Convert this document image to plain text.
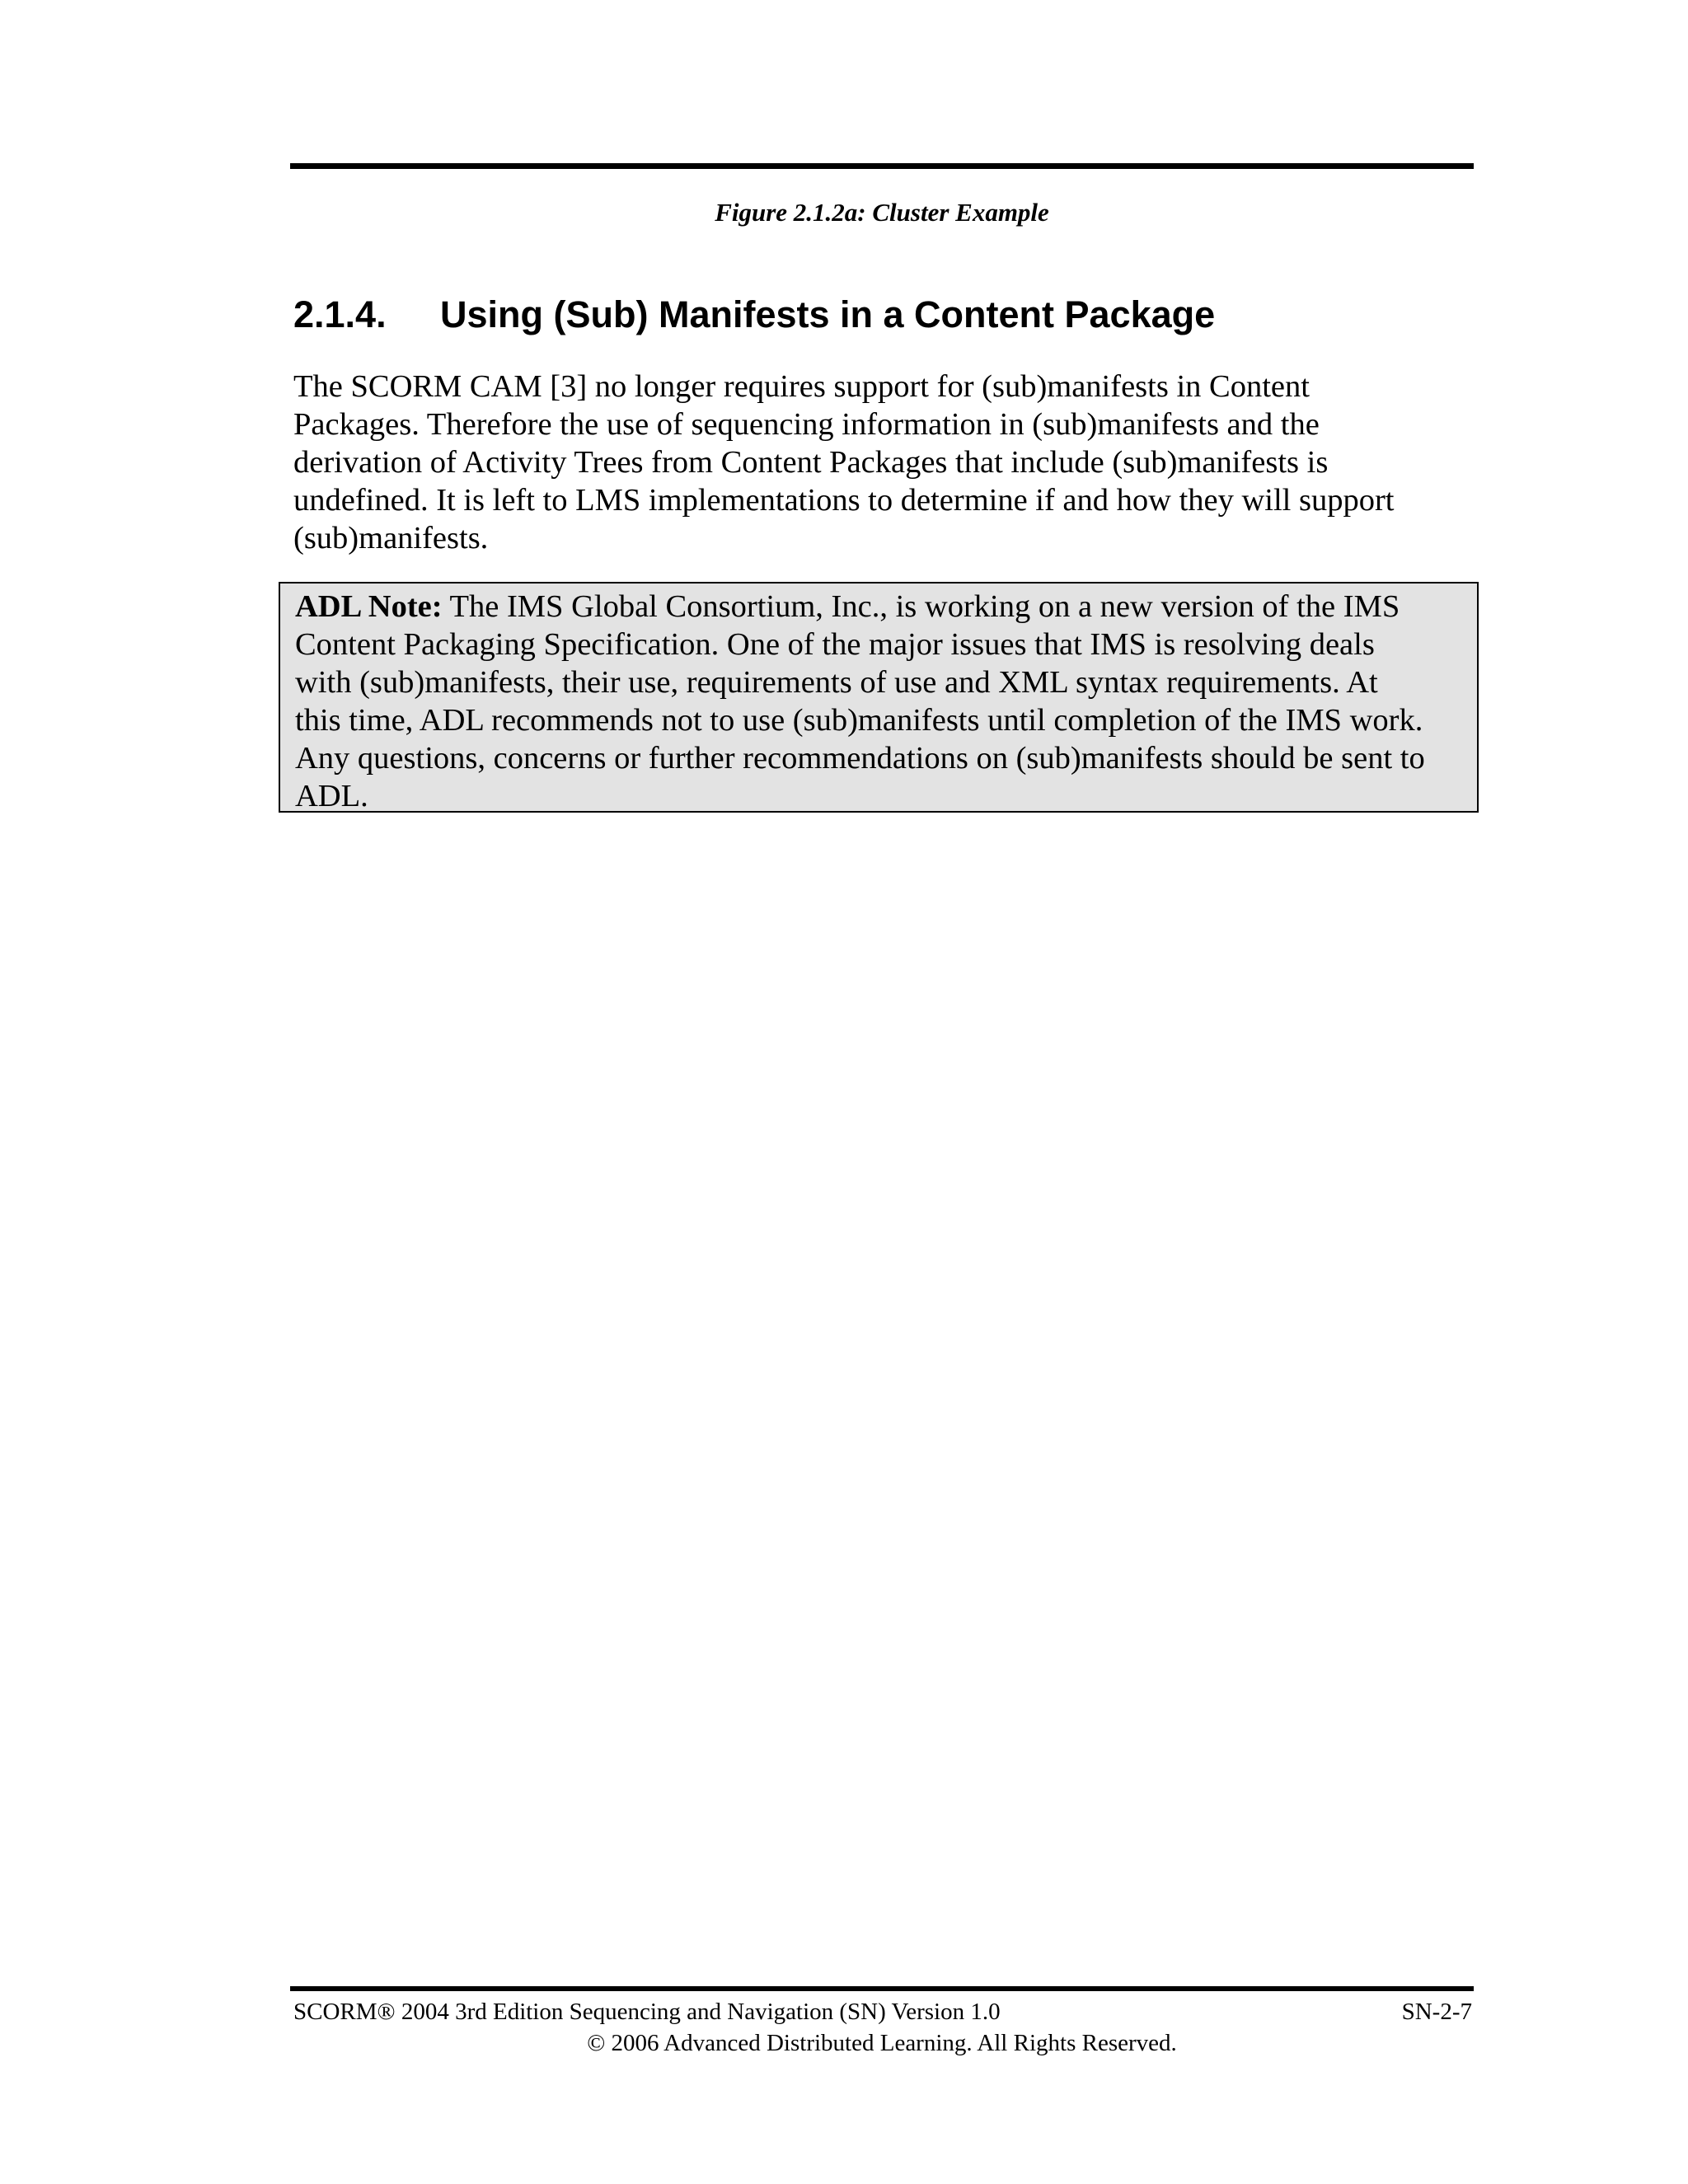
Figure 2.1.2a: Cluster Example
2.1.4. Using (Sub) Manifests in a Content Package
The SCORM CAM [3] no longer requires support for (sub)manifests in Content
Packages. Therefore the use of sequencing information in (sub)manifests and the
derivation of Activity Trees from Content Packages that include (sub)manifests is
undefined. It is left to LMS implementations to determine if and how they will support
(sub)manifests.
ADL Note: The IMS Global Consortium, Inc., is working on a new version of the IMS
Content Packaging Specification. One of the major issues that IMS is resolving deals
with (sub)manifests, their use, requirements of use and XML syntax requirements. At
this time, ADL recommends not to use (sub)manifests until completion of the IMS work.
Any questions, concerns or further recommendations on (sub)manifests should be sent to
ADL.
SCORM® 2004 3rd Edition Sequencing and Navigation (SN) Version 1.0	SN-2-7
© 2006 Advanced Distributed Learning. All Rights Reserved.
